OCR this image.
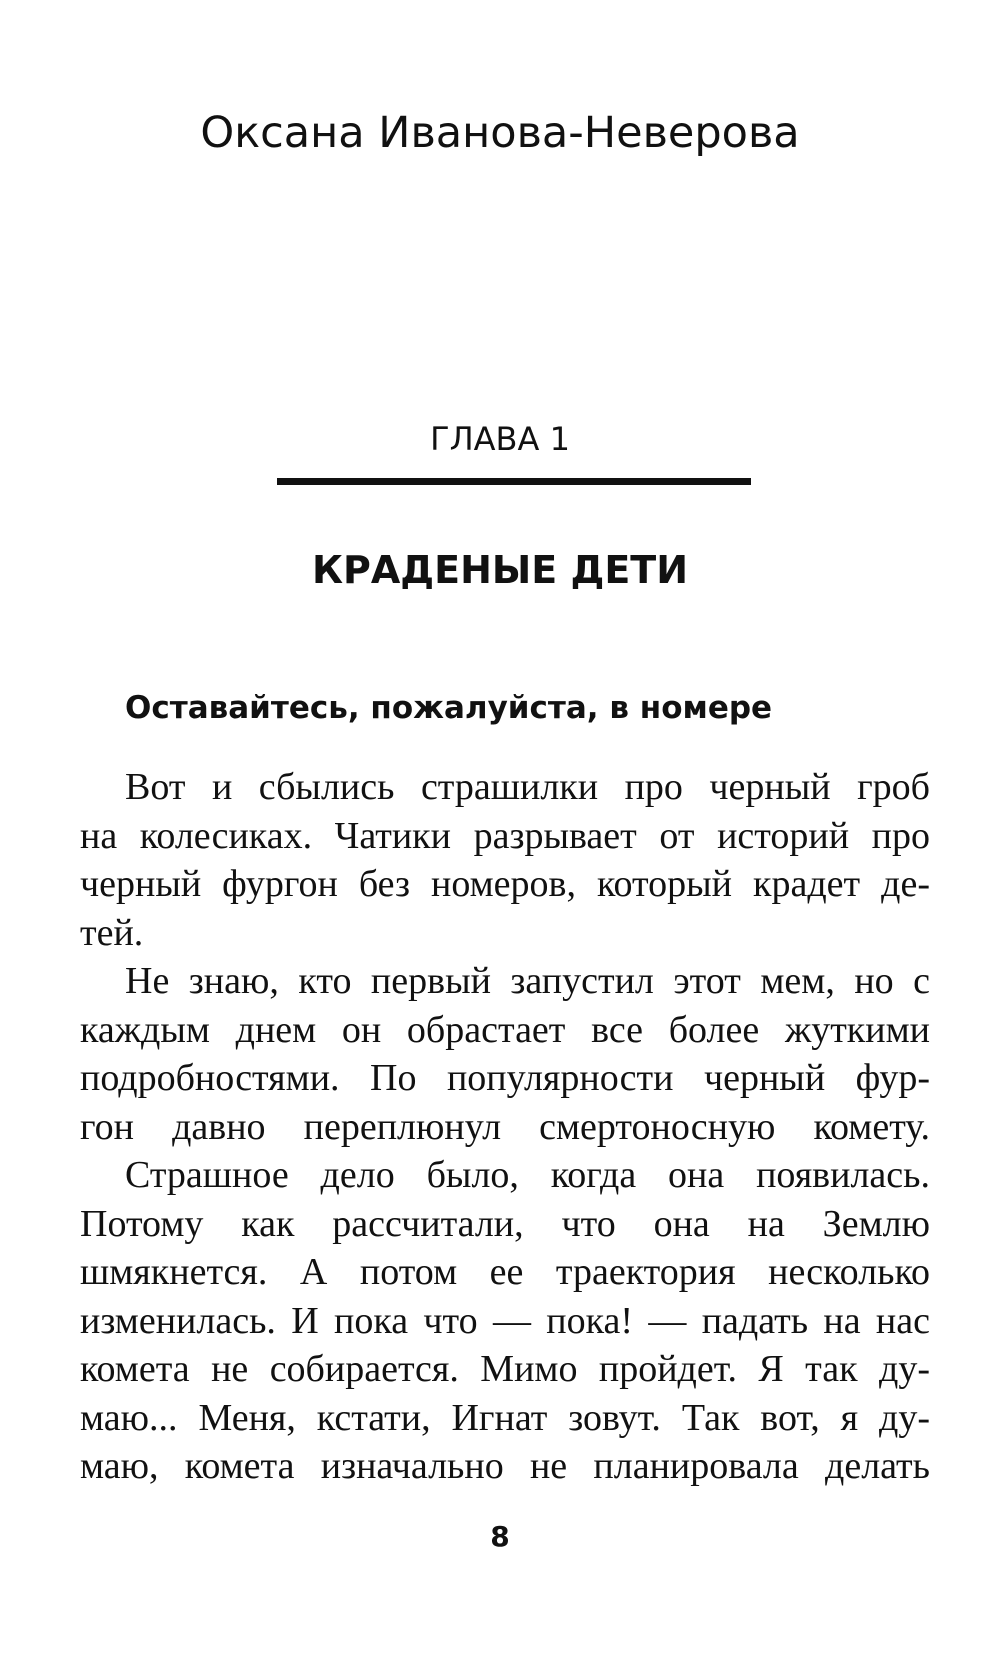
Оксана Иванова-Неверова
ГЛАВА 1
КРАДЕНЫЕ ДЕТИ
Оставайтесь, пожалуйста, в номере

Вот и сбылись страшилки про черный гроб
на колесиках. Чатики разрывает от историй про
черный фургон без номеров, который крадет де-
тей.

Не знаю, кто первый запустил этот мем, но с
каждым днем он обрастает все более жуткими
подробностями. По популярности черный фур-
гон давно переплюнул смертоносную комету.

Страшное дело было, когда она появилась.
Потому как рассчитали, что она на Землю
шмякнется. А потом ее траектория несколько
изменилась. И пока что — пока! — падать на нас
комета не собирается. Мимо пройдет. Я так ду-
маю... Меня, кстати, Игнат зовут. Так вот, я ду-
маю, комета изначально не планировала делать

8
